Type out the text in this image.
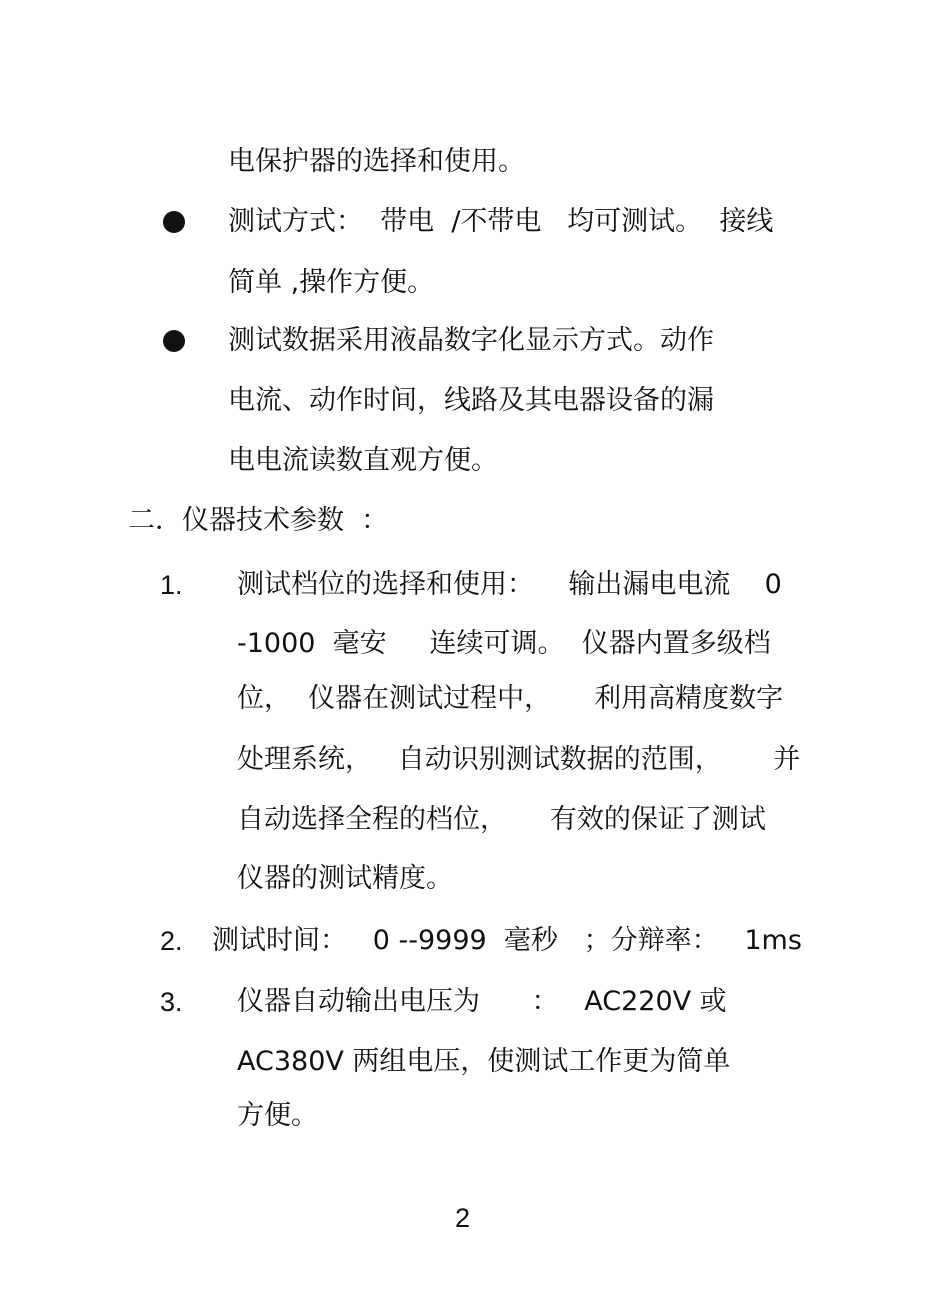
电保护器的选择和使用。
测试方式：  带电  /不带电   均可测试。  接线
简单 ,操作方便。
测试数据采用液晶数字化显示方式。动作
电流、动作时间，线路及其电器设备的漏
电电流读数直观方便。
二．仪器技术参数  ：
1. 测试档位的选择和使用：    输出漏电电流    0
-1000  毫安     连续可调。  仪器内置多级档
位，  仪器在测试过程中，     利用高精度数字
处理系统，   自动识别测试数据的范围，      并
自动选择全程的档位，     有效的保证了测试
仪器的测试精度。
2. 测试时间：   0 --9999  毫秒   ；分辩率：   1ms
3. 仪器自动输出电压为      ：   AC220V 或
AC380V 两组电压，使测试工作更为简单
方便。
2
